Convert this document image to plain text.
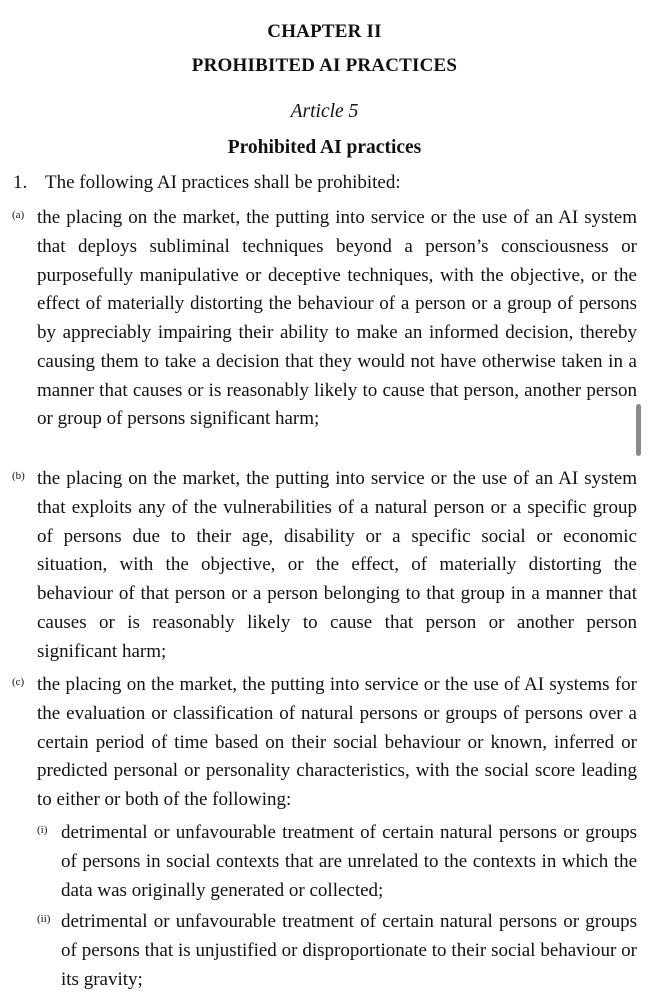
CHAPTER II
PROHIBITED AI PRACTICES
Article 5
Prohibited AI practices

1. The following AI practices shall be prohibited:

(a) the placing on the market, the putting into service or the use of an AI system that deploys subliminal techniques beyond a person’s consciousness or purposefully manipulative or deceptive techniques, with the objective, or the effect of materially distorting the behaviour of a person or a group of persons by appreciably impairing their ability to make an informed decision, thereby causing them to take a decision that they would not have otherwise taken in a manner that causes or is reasonably likely to cause that person, another person or group of persons significant harm;
(b) the placing on the market, the putting into service or the use of an AI system that exploits any of the vulnerabilities of a natural person or a specific group of persons due to their age, disability or a specific social or economic situation, with the objective, or the effect, of materially distorting the behaviour of that person or a person belonging to that group in a manner that causes or is reasonably likely to cause that person or another person significant harm;
(c) the placing on the market, the putting into service or the use of AI systems for the evaluation or classification of natural persons or groups of persons over a certain period of time based on their social behaviour or known, inferred or predicted personal or personality characteristics, with the social score leading to either or both of the following:
(i) detrimental or unfavourable treatment of certain natural persons or groups of persons in social contexts that are unrelated to the contexts in which the data was originally generated or collected;
(ii) detrimental or unfavourable treatment of certain natural persons or groups of persons that is unjustified or disproportionate to their social behaviour or its gravity;
